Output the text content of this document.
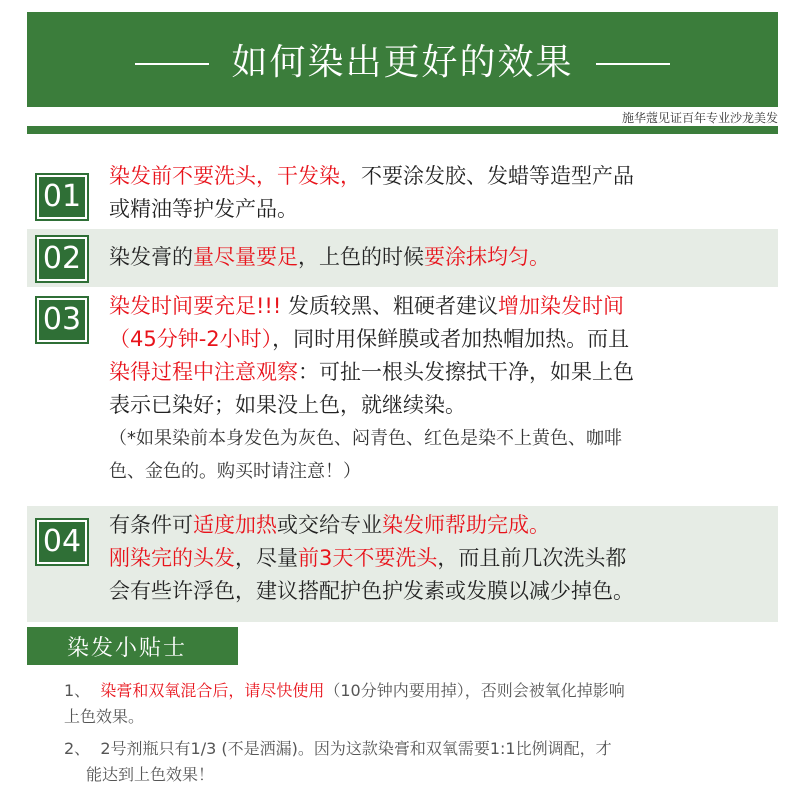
如何染出更好的效果
施华蔻见证百年专业沙龙美发
01
染发前不要洗头，干发染，不要涂发胶、发蜡等造型产品
或精油等护发产品。
02 染发膏的量尽量要足，上色的时候要涂抹均匀。
03 染发时间要充足!!! 发质较黑、粗硬者建议增加染发时间
（45分钟-2小时），同时用保鲜膜或者加热帽加热。而且
染得过程中注意观察：可扯一根头发擦拭干净，如果上色
表示已染好；如果没上色，就继续染。
（*如果染前本身发色为灰色、闷青色、红色是染不上黄色、咖啡
色、金色的。购买时请注意！）
04 有条件可适度加热或交给专业染发师帮助完成。
刚染完的头发，尽量前3天不要洗头，而且前几次洗头都
会有些许浮色，建议搭配护色护发素或发膜以减少掉色。
染发小贴士
1、 染膏和双氧混合后，请尽快使用（10分钟内要用掉），否则会被氧化掉影响
上色效果。
2、 2号剂瓶只有1/3 (不是洒漏)。因为这款染膏和双氧需要1:1比例调配，才
能达到上色效果！
